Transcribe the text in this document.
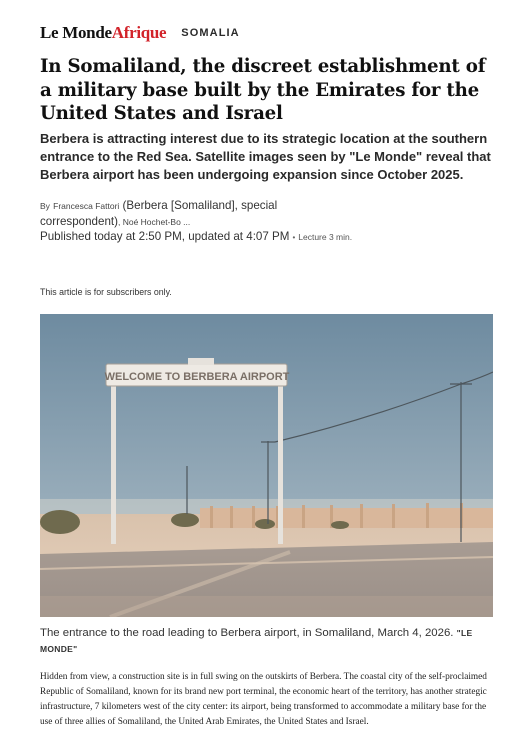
Le MondeAfrique SOMALIA
In Somaliland, the discreet establishment of a military base built by the Emirates for the United States and Israel

Berbera is attracting interest due to its strategic location at the southern entrance to the Red Sea. Satellite images seen by "Le Monde" reveal that Berbera airport has been undergoing expansion since October 2025.

By Francesca Fattori (Berbera [Somaliland], special correspondent), Noé Hochet-Bo ...
Published today at 2:50 PM, updated at 4:07 PM • Lecture 3 min.
This article is for subscribers only.
WELCOME TO BERBERA AIRPORT
The entrance to the road leading to Berbera airport, in Somaliland, March 4, 2026. "LE MONDE"

Hidden from view, a construction site is in full swing on the outskirts of Berbera. The coastal city of the self-proclaimed Republic of Somaliland, known for its brand new port terminal, the economic heart of the territory, has another strategic infrastructure, 7 kilometers west of the city center: its airport, being transformed to accommodate a military base for the use of three allies of Somaliland, the United Arab Emirates, the United States and Israel.
